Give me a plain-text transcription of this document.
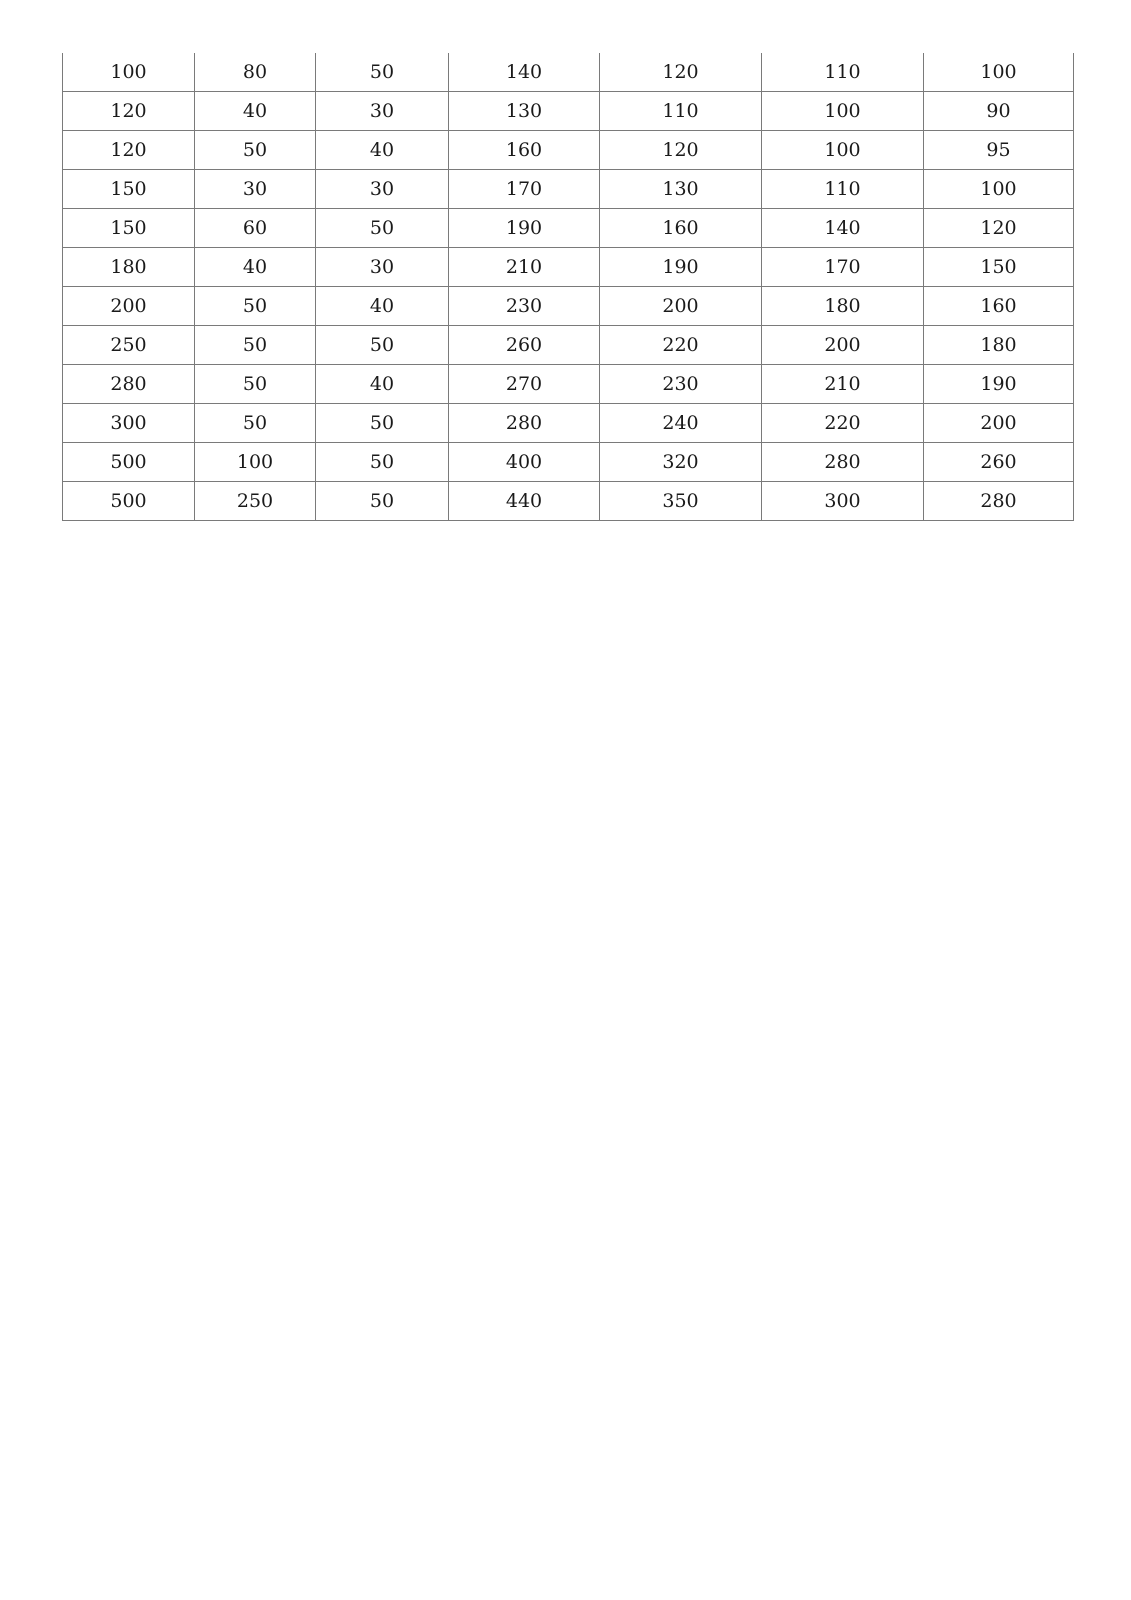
100	80	50	140	120	110	100
120	40	30	130	110	100	90
120	50	40	160	120	100	95
150	30	30	170	130	110	100
150	60	50	190	160	140	120
180	40	30	210	190	170	150
200	50	40	230	200	180	160
250	50	50	260	220	200	180
280	50	40	270	230	210	190
300	50	50	280	240	220	200
500	100	50	400	320	280	260
500	250	50	440	350	300	280
